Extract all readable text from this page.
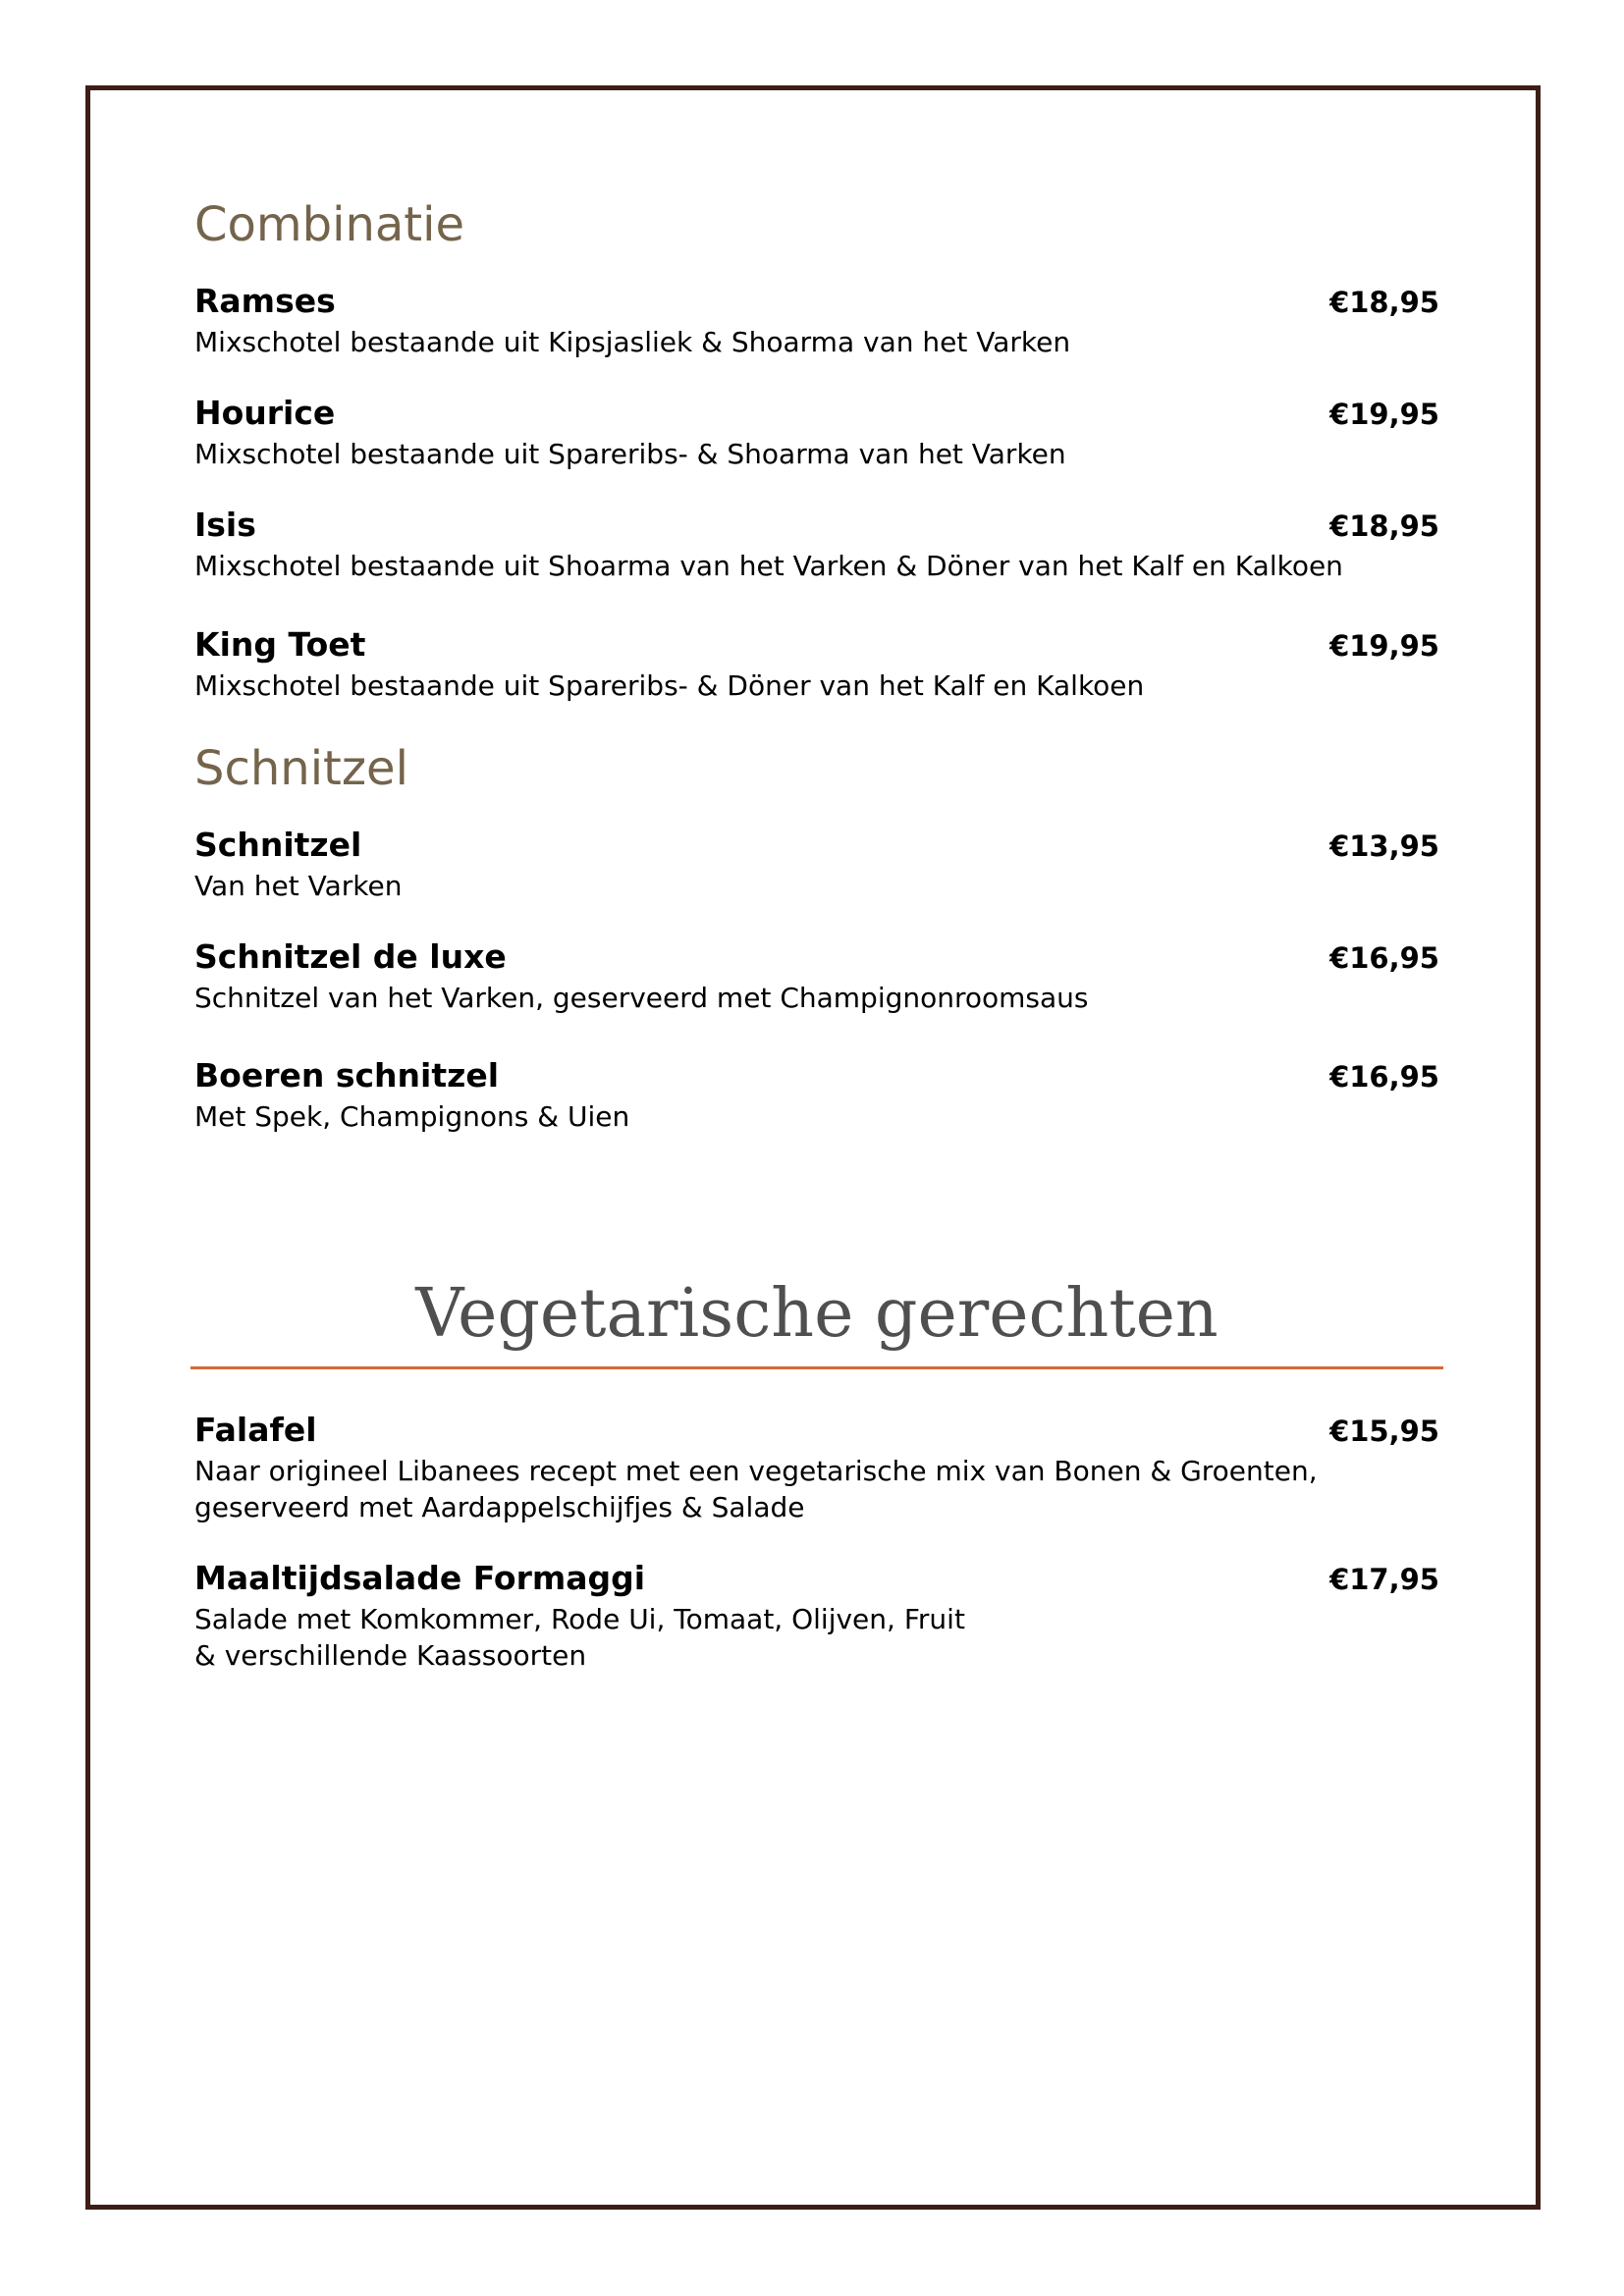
Combinatie
Ramses	€18,95
Mixschotel bestaande uit Kipsjasliek & Shoarma van het Varken
Hourice	€19,95
Mixschotel bestaande uit Spareribs- & Shoarma van het Varken
Isis	€18,95
Mixschotel bestaande uit Shoarma van het Varken & Döner van het Kalf en Kalkoen
King Toet	€19,95
Mixschotel bestaande uit Spareribs- & Döner van het Kalf en Kalkoen
Schnitzel
Schnitzel	€13,95
Van het Varken
Schnitzel de luxe	€16,95
Schnitzel van het Varken, geserveerd met Champignonroomsaus
Boeren schnitzel	€16,95
Met Spek, Champignons & Uien
Vegetarische gerechten
Falafel	€15,95
Naar origineel Libanees recept met een vegetarische mix van Bonen & Groenten,
geserveerd met Aardappelschijfjes & Salade
Maaltijdsalade Formaggi	€17,95
Salade met Komkommer, Rode Ui, Tomaat, Olijven, Fruit
& verschillende Kaassoorten
